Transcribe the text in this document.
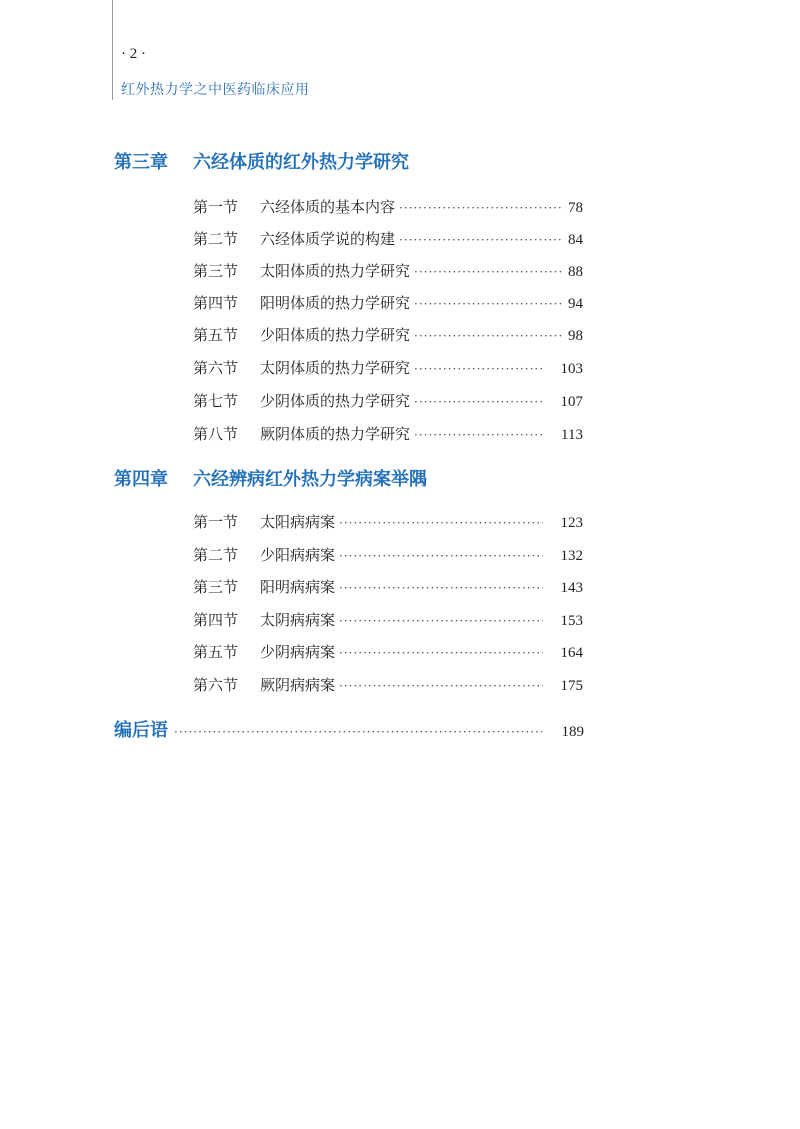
· 2 ·
红外热力学之中医药临床应用
第三章 六经体质的红外热力学研究
第一节	六经体质的基本内容 ·····	78
第二节	六经体质学说的构建 ·····	84
第三节	太阳体质的热力学研究 ·····	88
第四节	阳明体质的热力学研究 ·····	94
第五节	少阳体质的热力学研究 ·····	98
第六节	太阴体质的热力学研究 ·····	103
第七节	少阴体质的热力学研究 ·····	107
第八节	厥阴体质的热力学研究 ·····	113
第四章 六经辨病红外热力学病案举隅
第一节	太阳病病案 ·····	123
第二节	少阳病病案 ·····	132
第三节	阳明病病案 ·····	143
第四节	太阴病病案 ·····	153
第五节	少阴病病案 ·····	164
第六节	厥阴病病案 ·····	175
编后语 ·····	189
